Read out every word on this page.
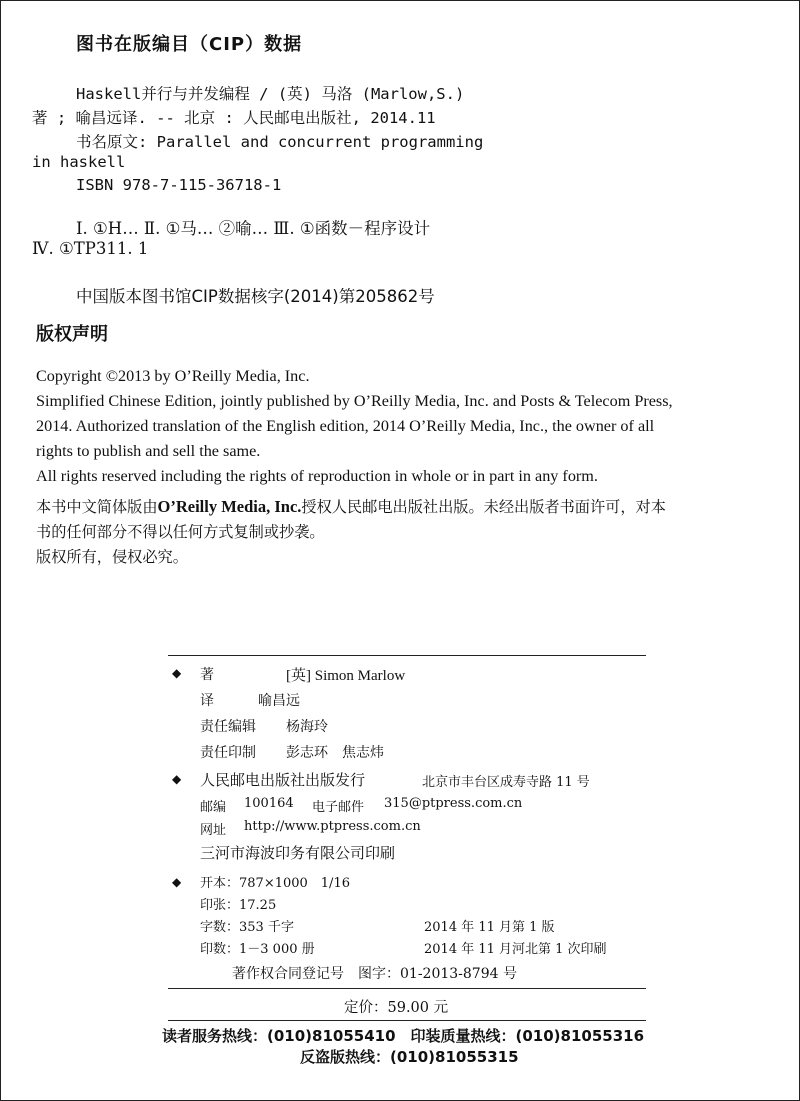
图书在版编目（CIP）数据
Haskell并行与并发编程 / (英) 马洛 (Marlow,S.)
著 ; 喻昌远译. -- 北京 : 人民邮电出版社, 2014.11
书名原文: Parallel and concurrent programming
in haskell
ISBN 978-7-115-36718-1
Ⅰ. ①H… Ⅱ. ①马… ②喻… Ⅲ. ①函数－程序设计
Ⅳ. ①TP311. 1
中国版本图书馆CIP数据核字(2014)第205862号
版权声明

Copyright ©2013 by O’Reilly Media, Inc.

Simplified Chinese Edition, jointly published by O’Reilly Media, Inc. and Posts & Telecom Press,

2014. Authorized translation of the English edition, 2014 O’Reilly Media, Inc., the owner of all

rights to publish and sell the same.

All rights reserved including the rights of reproduction in whole or in part in any form.

本书中文简体版由O’Reilly Media, Inc.授权人民邮电出版社出版。未经出版者书面许可，对本

书的任何部分不得以任何方式复制或抄袭。

版权所有，侵权必究。

◆ 著	[英] Simon Marlow
译	喻昌远
责任编辑 杨海玲
责任印制 彭志环　焦志炜
◆ 人民邮电出版社出版发行	北京市丰台区成寿寺路 11 号
邮编 100164 电子邮件 315@ptpress.com.cn
网址 http://www.ptpress.com.cn
三河市海波印务有限公司印刷
◆ 开本：787×1000　1/16
印张：17.25
字数：353 千字	2014 年 11 月第 1 版
印数：1－3 000 册	2014 年 11 月河北第 1 次印刷
著作权合同登记号　图字：01-2013-8794 号
定价：59.00 元
读者服务热线：(010)81055410　印装质量热线：(010)81055316
反盗版热线：(010)81055315
